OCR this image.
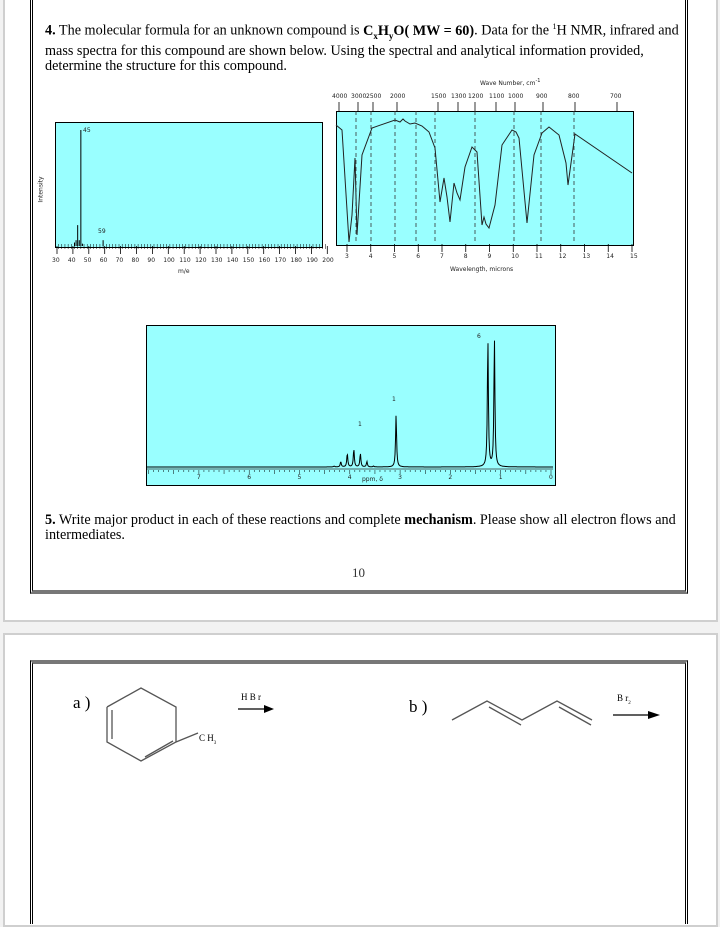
4. The molecular formula for an unknown compound is $C_xH_yO$( MW = 60). Data for the $^1$H NMR, infrared and mass spectra for this compound are shown below. Using the spectral and analytical information provided, determine the structure for this compound.
Intensity
m/e
30 40 50 60 70 80 90 100 110 120 130 140 150 160 170 180 190 200
45
59
Wave Number, $cm^{-1}$
Wavelength, microns
4000 3000 2500 2000	1500 1300 1200 1100 1000 900	800	700
3	4	5	6	7	8	9	10	11	12	13	14	15
7	6	5	4	3	2	1	0
ppm, δ
6
1
1
5. Write major product in each of these reactions and complete mechanism. Please show all electron flows and intermediates.
10
a )	H B r
C $H_3$
b )	B $r_2$
